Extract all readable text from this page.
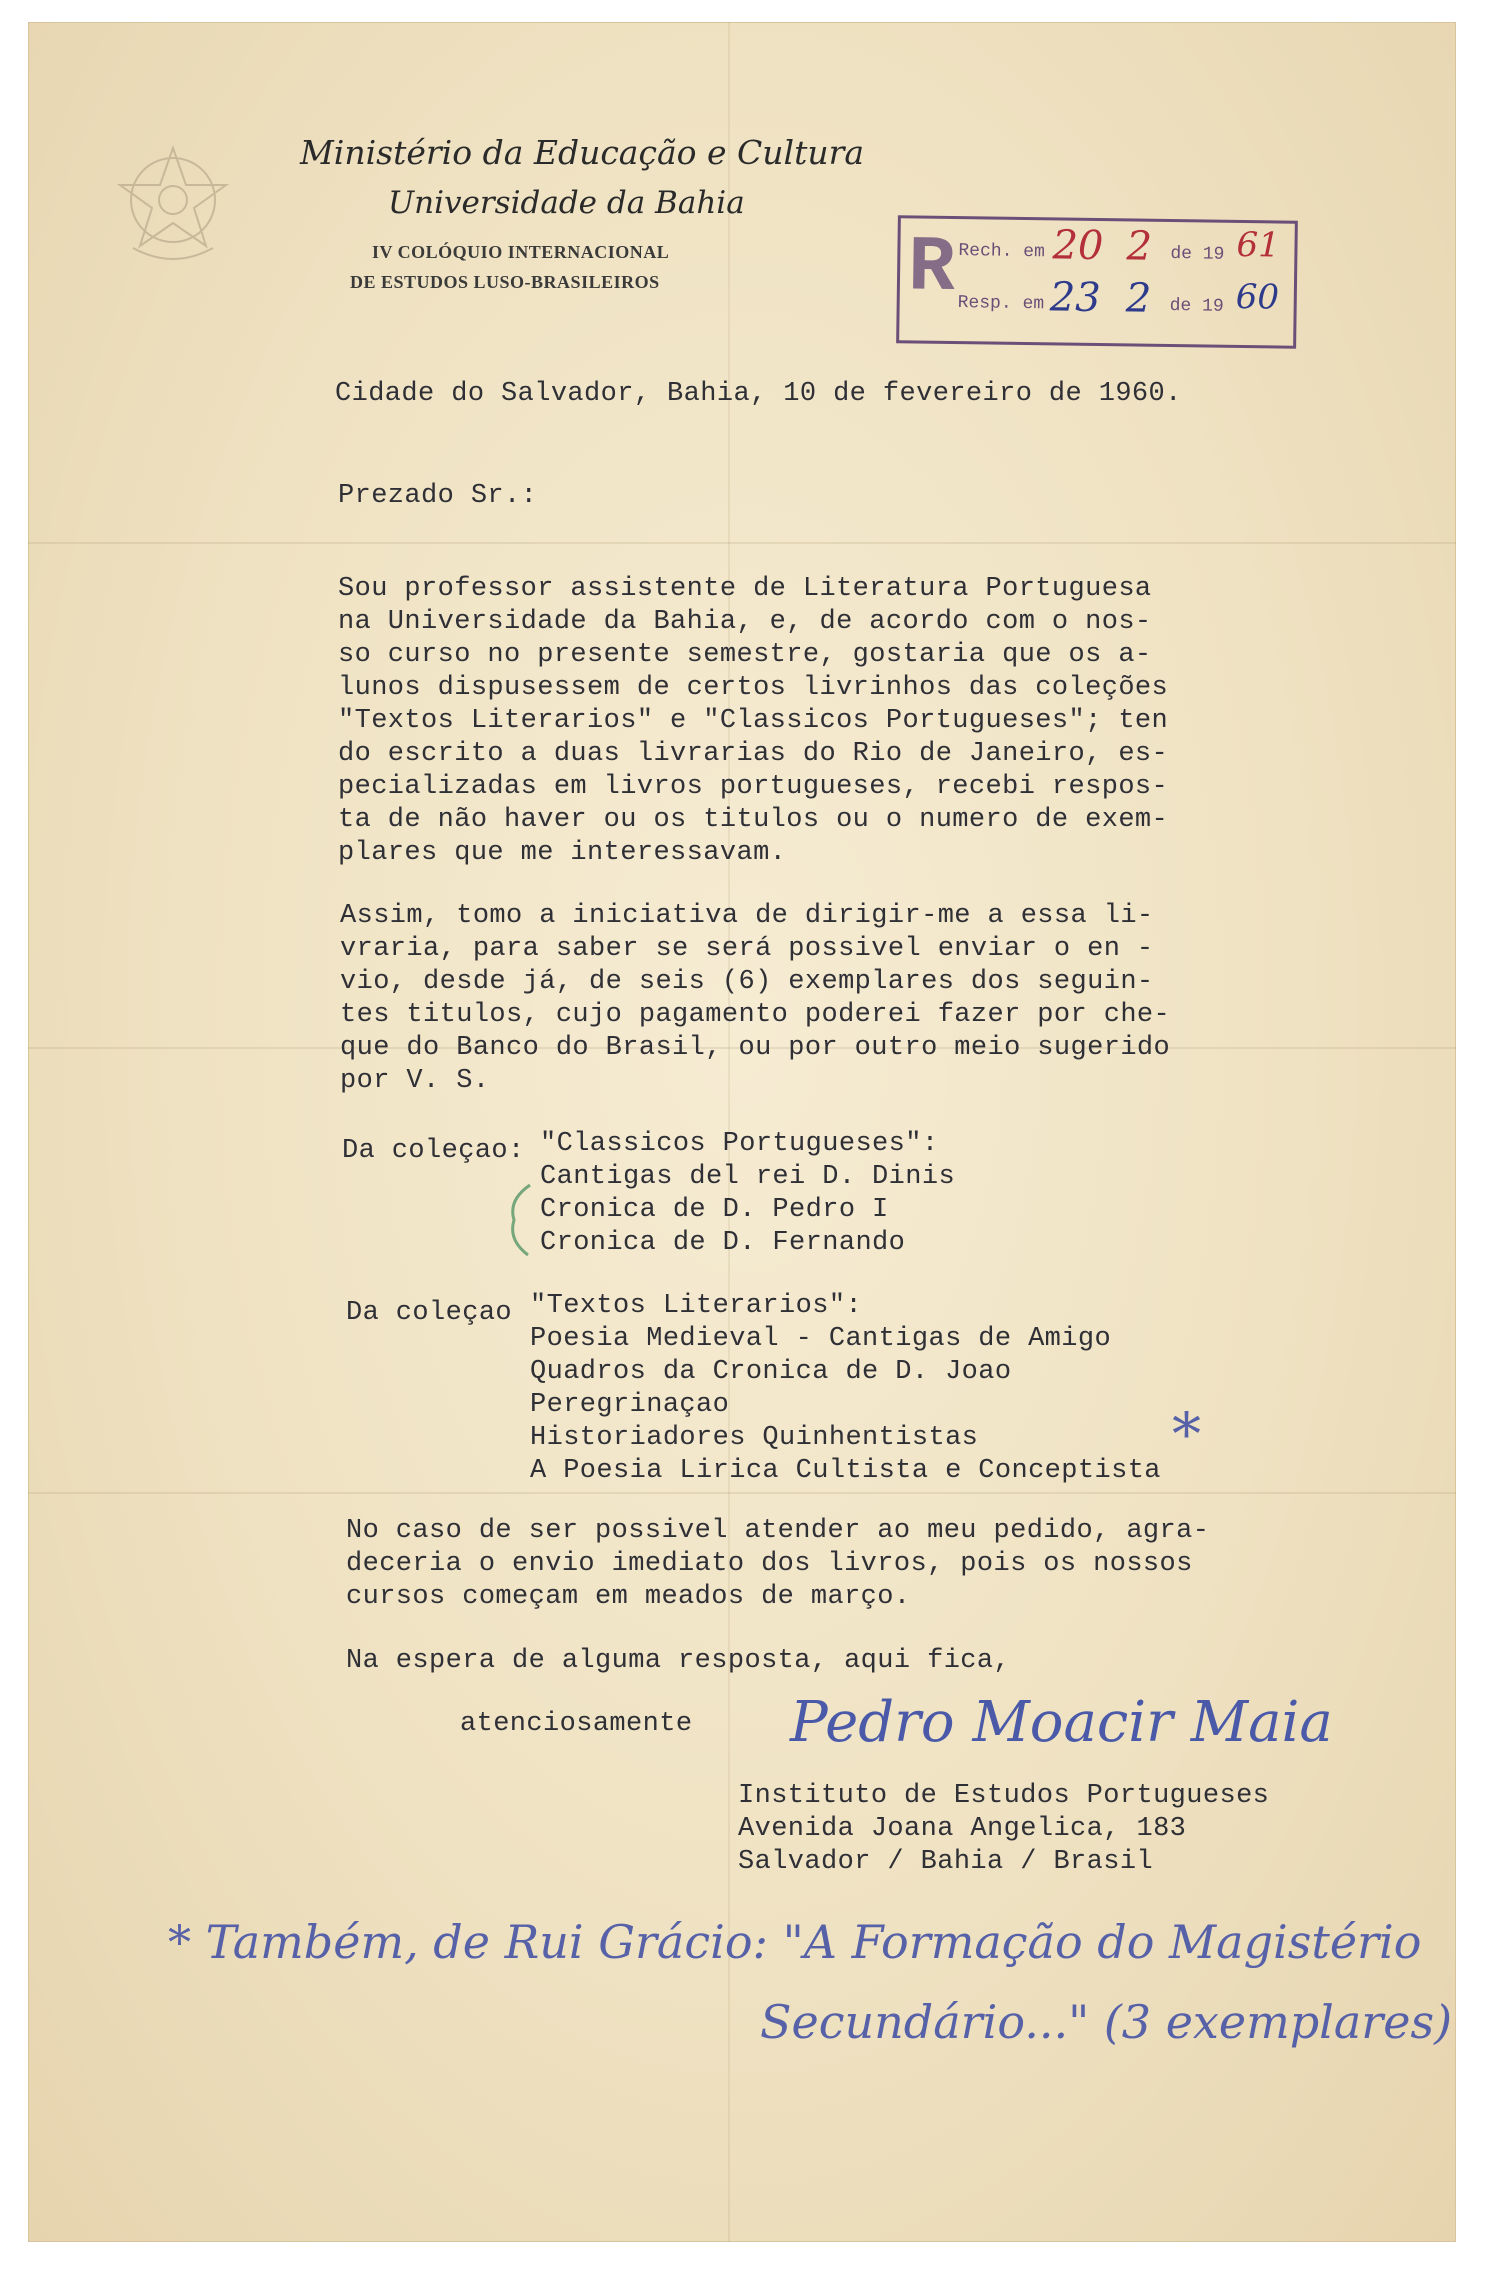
Ministério da Educação e Cultura
Universidade da Bahia
IV COLÓQUIO INTERNACIONAL
DE ESTUDOS LUSO-BRASILEIROS	R Rech. em 20 2 de 19 61
Resp. em 23 2 de 19 60
Cidade do Salvador, Bahia, 10 de fevereiro de 1960.
Prezado Sr.:
Sou professor assistente de Literatura Portuguesa
na Universidade da Bahia, e, de acordo com o nos-
so curso no presente semestre, gostaria que os a-
lunos dispusessem de certos livrinhos das coleções
"Textos Literarios" e "Classicos Portugueses"; ten
do escrito a duas livrarias do Rio de Janeiro, es-
pecializadas em livros portugueses, recebi respos-
ta de não haver ou os titulos ou o numero de exem-
plares que me interessavam.
Assim, tomo a iniciativa de dirigir-me a essa li-
vraria, para saber se será possivel enviar o en -
vio, desde já, de seis (6) exemplares dos seguin-
tes titulos, cujo pagamento poderei fazer por che-
que do Banco do Brasil, ou por outro meio sugerido
por V. S.
Da coleçao: "Classicos Portugueses":
Cantigas del rei D. Dinis
Cronica de D. Pedro I
Cronica de D. Fernando
Da coleçao "Textos Literarios":
Poesia Medieval - Cantigas de Amigo
Quadros da Cronica de D. Joao
Peregrinaçao
Historiadores Quinhentistas
A Poesia Lirica Cultista e Conceptista
*
No caso de ser possivel atender ao meu pedido, agra-
deceria o envio imediato dos livros, pois os nossos
cursos começam em meados de março.
Na espera de alguma resposta, aqui fica,
atenciosamente Pedro Moacir Maia
Instituto de Estudos Portugueses
Avenida Joana Angelica, 183
Salvador / Bahia / Brasil
* Também, de Rui Grácio: "A Formação do Magistério
Secundário..." (3 exemplares)
